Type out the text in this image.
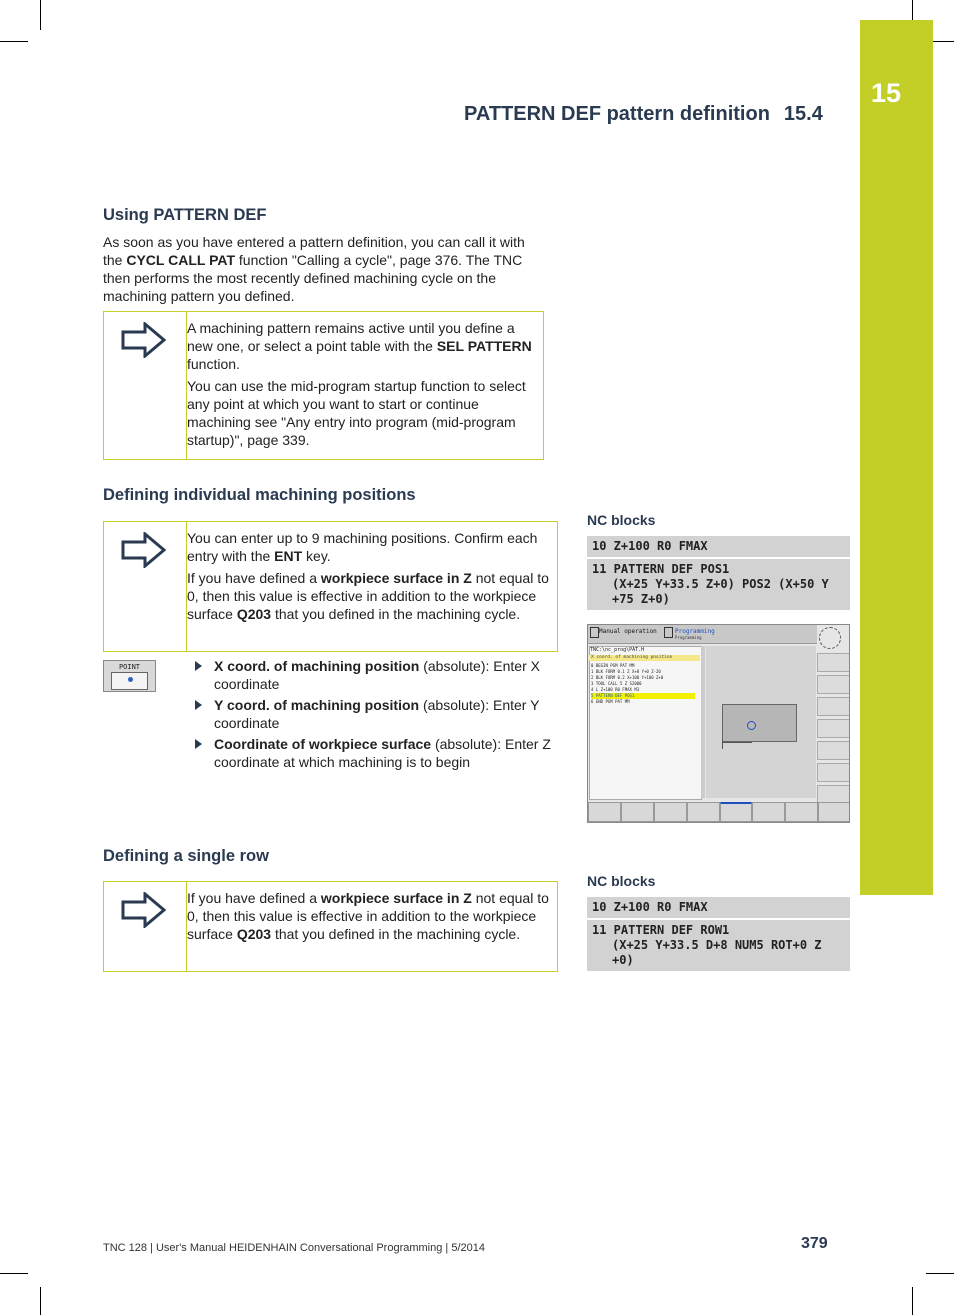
15
PATTERN DEF pattern definition 15.4
Using PATTERN DEF

As soon as you have entered a pattern definition, you can call it with the CYCL CALL PAT function "Calling a cycle", page 376. The TNC then performs the most recently defined machining cycle on the machining pattern you defined.

A machining pattern remains active until you define a new one, or select a point table with the SEL PATTERN function.

You can use the mid-program startup function to select any point at which you want to start or continue machining see "Any entry into program (mid-program startup)", page 339.

Defining individual machining positions

You can enter up to 9 machining positions. Confirm each entry with the ENT key.

If you have defined a workpiece surface in Z not equal to 0, then this value is effective in addition to the workpiece surface Q203 that you defined in the machining cycle.

POINT	X coord. of machining position (absolute): Enter X coordinate
Y coord. of machining position (absolute): Enter Y coordinate
Coordinate of workpiece surface (absolute): Enter Z coordinate at which machining is to begin
NC blocks
10 Z+100 R0 FMAX
11 PATTERN DEF POS1
(X+25 Y+33.5 Z+0) POS2 (X+50 Y +75 Z+0)
Manual operation	Programming
Programming
TNC:\nc_prog\PAT.H
X coord. of machining position
0 BEGIN PGM PAT MM
1 BLK FORM 0.1 Z X+0 Y+0 Z-20
2 BLK FORM 0.2 X+100 Y+100 Z+0
3 TOOL CALL 5 Z S2000
4 L Z+100 R0 FMAX M3
5 PATTERN DEF POS1
6 END PGM PAT MM
Defining a single row

If you have defined a workpiece surface in Z not equal to 0, then this value is effective in addition to the workpiece surface Q203 that you defined in the machining cycle.

NC blocks
10 Z+100 R0 FMAX
11 PATTERN DEF ROW1
(X+25 Y+33.5 D+8 NUM5 ROT+0 Z +0)
TNC 128 | User's Manual HEIDENHAIN Conversational Programming | 5/2014	379
